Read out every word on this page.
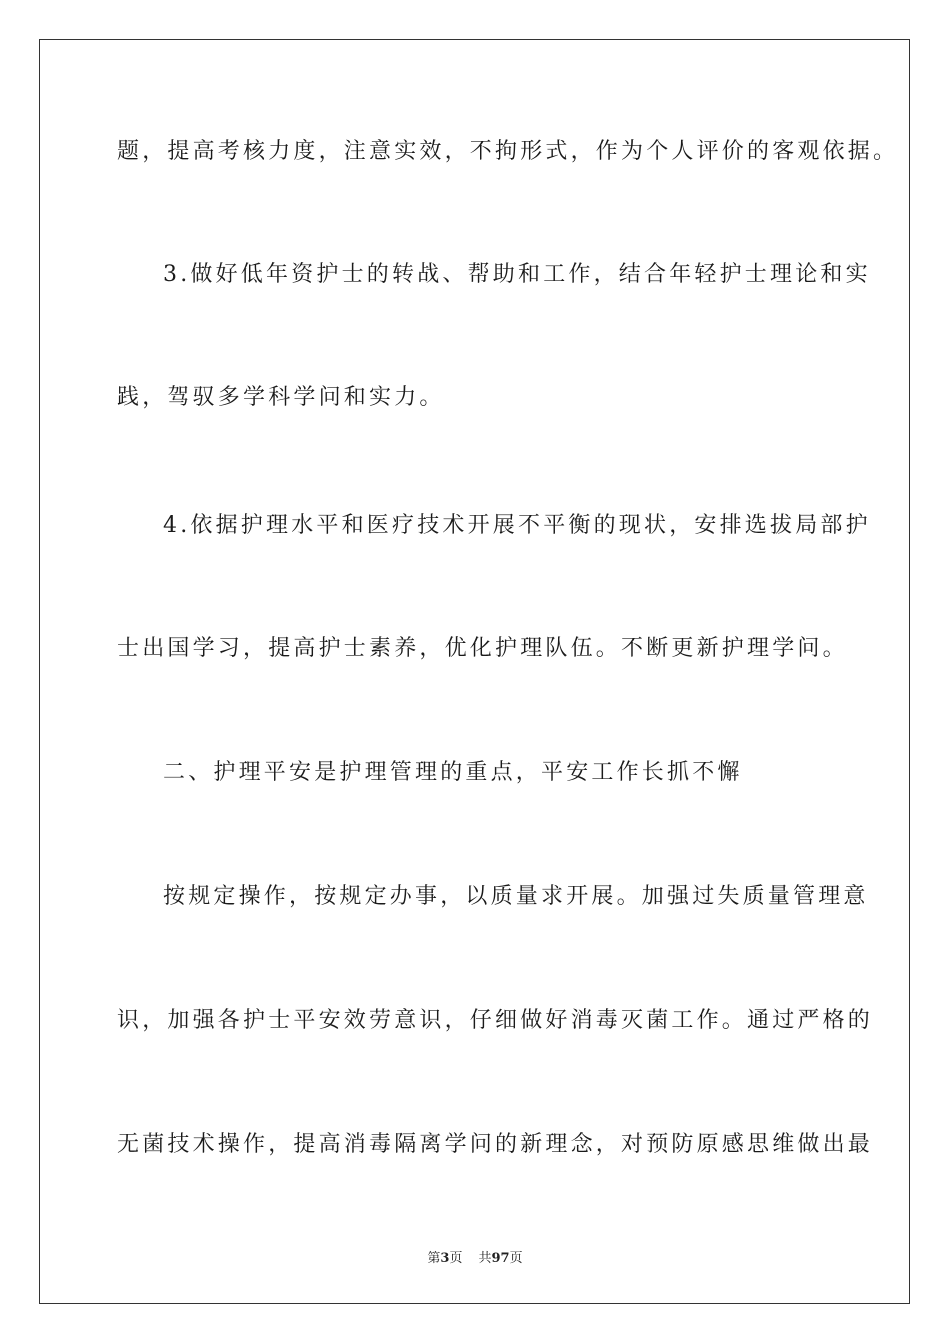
题，提高考核力度，注意实效，不拘形式，作为个人评价的客观依据。
3.做好低年资护士的转战、帮助和工作，结合年轻护士理论和实
践，驾驭多学科学问和实力。
4.依据护理水平和医疗技术开展不平衡的现状，安排选拔局部护
士出国学习，提高护士素养，优化护理队伍。不断更新护理学问。
二、护理平安是护理管理的重点，平安工作长抓不懈
按规定操作，按规定办事，以质量求开展。加强过失质量管理意
识，加强各护士平安效劳意识，仔细做好消毒灭菌工作。通过严格的
无菌技术操作，提高消毒隔离学问的新理念，对预防原感思维做出最
第3页 共97页
